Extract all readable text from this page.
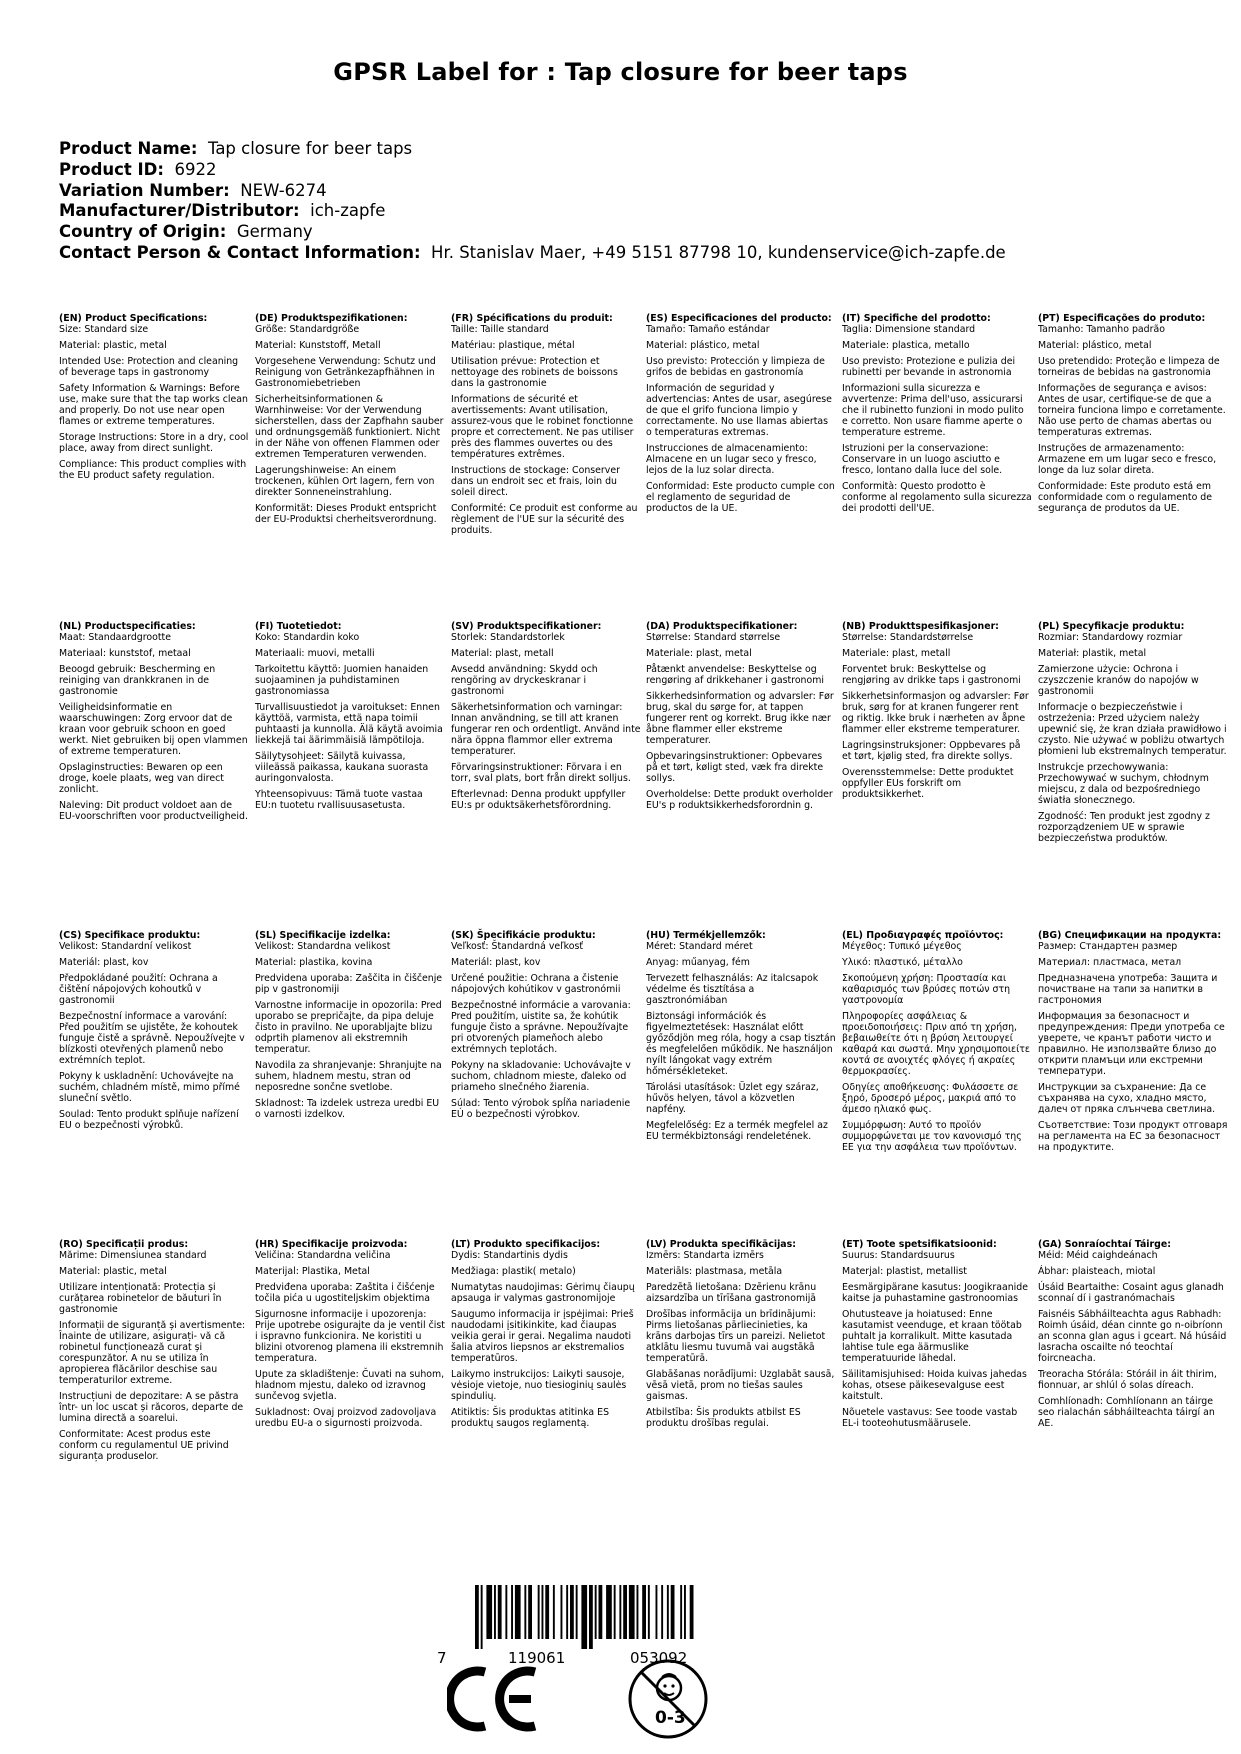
GPSR Label for : Tap closure for beer taps
Product Name: Tap closure for beer taps
Product ID: 6922
Variation Number: NEW-6274
Manufacturer/Distributor: ich-zapfe
Country of Origin: Germany
Contact Person & Contact Information: Hr. Stanislav Maer, +49 5151 87798 10, kundenservice@ich-zapfe.de
(EN) Product Specifications:

Size: Standard size

Material: plastic, metal

Intended Use: Protection and cleaning of beverage taps in gastronomy

Safety Information & Warnings: Before use, make sure that the tap works clean and properly. Do not use near open flames or extreme temperatures.

Storage Instructions: Store in a dry, cool place, away from direct sunlight.

Compliance: This product complies with the EU product safety regulation.

(DE) Produktspezifikationen:

Größe: Standardgröße

Material: Kunststoff, Metall

Vorgesehene Verwendung: Schutz und Reinigung von Getränkezapfhähnen in Gastronomiebetrieben

Sicherheitsinformationen & Warnhinweise: Vor der Verwendung sicherstellen, dass der Zapfhahn sauber und ordnungsgemäß funktioniert. Nicht in der Nähe von offenen Flammen oder extremen Temperaturen verwenden.

Lagerungshinweise: An einem trockenen, kühlen Ort lagern, fern von direkter Sonneneinstrahlung.

Konformität: Dieses Produkt entspricht der EU-Produktsi cherheitsverordnung.

(FR) Spécifications du produit:

Taille: Taille standard

Matériau: plastique, métal

Utilisation prévue: Protection et nettoyage des robinets de boissons dans la gastronomie

Informations de sécurité et avertissements: Avant utilisation, assurez-vous que le robinet fonctionne propre et correctement. Ne pas utiliser près des flammes ouvertes ou des températures extrêmes.

Instructions de stockage: Conserver dans un endroit sec et frais, loin du soleil direct.

Conformité: Ce produit est conforme au règlement de l'UE sur la sécurité des produits.

(ES) Especificaciones del producto:

Tamaño: Tamaño estándar

Material: plástico, metal

Uso previsto: Protección y limpieza de grifos de bebidas en gastronomía

Información de seguridad y advertencias: Antes de usar, asegúrese de que el grifo funciona limpio y correctamente. No use llamas abiertas o temperaturas extremas.

Instrucciones de almacenamiento: Almacene en un lugar seco y fresco, lejos de la luz solar directa.

Conformidad: Este producto cumple con el reglamento de seguridad de productos de la UE.

(IT) Specifiche del prodotto:

Taglia: Dimensione standard

Materiale: plastica, metallo

Uso previsto: Protezione e pulizia dei rubinetti per bevande in astronomia

Informazioni sulla sicurezza e avvertenze: Prima dell'uso, assicurarsi che il rubinetto funzioni in modo pulito e corretto. Non usare fiamme aperte o temperature estreme.

Istruzioni per la conservazione: Conservare in un luogo asciutto e fresco, lontano dalla luce del sole.

Conformità: Questo prodotto è conforme al regolamento sulla sicurezza dei prodotti dell'UE.

(PT) Especificações do produto:

Tamanho: Tamanho padrão

Material: plástico, metal

Uso pretendido: Proteção e limpeza de torneiras de bebidas na gastronomia

Informações de segurança e avisos: Antes de usar, certifique-se de que a torneira funciona limpo e corretamente. Não use perto de chamas abertas ou temperaturas extremas.

Instruções de armazenamento: Armazene em um lugar seco e fresco, longe da luz solar direta.

Conformidade: Este produto está em conformidade com o regulamento de segurança de produtos da UE.

(NL) Productspecificaties:

Maat: Standaardgrootte

Materiaal: kunststof, metaal

Beoogd gebruik: Bescherming en reiniging van drankkranen in de gastronomie

Veiligheidsinformatie en waarschuwingen: Zorg ervoor dat de kraan voor gebruik schoon en goed werkt. Niet gebruiken bij open vlammen of extreme temperaturen.

Opslaginstructies: Bewaren op een droge, koele plaats, weg van direct zonlicht.

Naleving: Dit product voldoet aan de EU-voorschriften voor productveiligheid.

(FI) Tuotetiedot:

Koko: Standardin koko

Materiaali: muovi, metalli

Tarkoitettu käyttö: Juomien hanaiden suojaaminen ja puhdistaminen gastronomiassa

Turvallisuustiedot ja varoitukset: Ennen käyttöä, varmista, että napa toimii puhtaasti ja kunnolla. Älä käytä avoimia liekkejä tai äärimmäisiä lämpötiloja.

Säilytysohjeet: Säilytä kuivassa, viileässä paikassa, kaukana suorasta auringonvalosta.

Yhteensopivuus: Tämä tuote vastaa EU:n tuotetu rvallisuusasetusta.

(SV) Produktspecifikationer:

Storlek: Standardstorlek

Material: plast, metall

Avsedd användning: Skydd och rengöring av dryckeskranar i gastronomi

Säkerhetsinformation och varningar: Innan användning, se till att kranen fungerar ren och ordentligt. Använd inte nära öppna flammor eller extrema temperaturer.

Förvaringsinstruktioner: Förvara i en torr, sval plats, bort från direkt solljus.

Efterlevnad: Denna produkt uppfyller EU:s pr oduktsäkerhetsförordning.

(DA) Produktspecifikationer:

Størrelse: Standard størrelse

Materiale: plast, metal

Påtænkt anvendelse: Beskyttelse og rengøring af drikkehaner i gastronomi

Sikkerhedsinformation og advarsler: Før brug, skal du sørge for, at tappen fungerer rent og korrekt. Brug ikke nær åbne flammer eller ekstreme temperaturer.

Opbevaringsinstruktioner: Opbevares på et tørt, køligt sted, væk fra direkte sollys.

Overholdelse: Dette produkt overholder EU's p roduktsikkerhedsforordnin g.

(NB) Produkttspesifikasjoner:

Størrelse: Standardstørrelse

Materiale: plast, metall

Forventet bruk: Beskyttelse og rengjøring av drikke taps i gastronomi

Sikkerhetsinformasjon og advarsler: Før bruk, sørg for at kranen fungerer rent og riktig. Ikke bruk i nærheten av åpne flammer eller ekstreme temperaturer.

Lagringsinstruksjoner: Oppbevares på et tørt, kjølig sted, fra direkte sollys.

Overensstemmelse: Dette produktet oppfyller EUs forskrift om produktsikkerhet.

(PL) Specyfikacje produktu:

Rozmiar: Standardowy rozmiar

Materiał: plastik, metal

Zamierzone użycie: Ochrona i czyszczenie kranów do napojów w gastronomii

Informacje o bezpieczeństwie i ostrzeżenia: Przed użyciem należy upewnić się, że kran działa prawidłowo i czysto. Nie używać w pobliżu otwartych płomieni lub ekstremalnych temperatur.

Instrukcje przechowywania: Przechowywać w suchym, chłodnym miejscu, z dala od bezpośredniego światła słonecznego.

Zgodność: Ten produkt jest zgodny z rozporządzeniem UE w sprawie bezpieczeństwa produktów.

(CS) Specifikace produktu:

Velikost: Standardní velikost

Materiál: plast, kov

Předpokládané použití: Ochrana a čištění nápojových kohoutků v gastronomii

Bezpečnostní informace a varování: Před použitím se ujistěte, že kohoutek funguje čistě a správně. Nepoužívejte v blízkosti otevřených plamenů nebo extrémních teplot.

Pokyny k uskladnění: Uchovávejte na suchém, chladném místě, mimo přímé sluneční světlo.

Soulad: Tento produkt splňuje nařízení EU o bezpečnosti výrobků.

(SL) Specifikacije izdelka:

Velikost: Standardna velikost

Material: plastika, kovina

Predvidena uporaba: Zaščita in čiščenje pip v gastronomiji

Varnostne informacije in opozorila: Pred uporabo se prepričajte, da pipa deluje čisto in pravilno. Ne uporabljajte blizu odprtih plamenov ali ekstremnih temperatur.

Navodila za shranjevanje: Shranjujte na suhem, hladnem mestu, stran od neposredne sončne svetlobe.

Skladnost: Ta izdelek ustreza uredbi EU o varnosti izdelkov.

(SK) Špecifikácie produktu:

Veľkosť: Štandardná veľkosť

Materiál: plast, kov

Určené použitie: Ochrana a čistenie nápojových kohútikov v gastronómii

Bezpečnostné informácie a varovania: Pred použitím, uistite sa, že kohútik funguje čisto a správne. Nepoužívajte pri otvorených plameňoch alebo extrémnych teplotách.

Pokyny na skladovanie: Uchovávajte v suchom, chladnom mieste, ďaleko od priameho slnečného žiarenia.

Súlad: Tento výrobok spĺňa nariadenie EÚ o bezpečnosti výrobkov.

(HU) Termékjellemzők:

Méret: Standard méret

Anyag: műanyag, fém

Tervezett felhasználás: Az italcsapok védelme és tisztítása a gasztronómiában

Biztonsági információk és figyelmeztetések: Használat előtt győződjön meg róla, hogy a csap tisztán és megfelelően működik. Ne használjon nyílt lángokat vagy extrém hőmérsékleteket.

Tárolási utasítások: Üzlet egy száraz, hűvös helyen, távol a közvetlen napfény.

Megfelelőség: Ez a termék megfelel az EU termékbiztonsági rendeletének.

(EL) Προδιαγραφές προϊόντος:

Μέγεθος: Τυπικό μέγεθος

Υλικό: πλαστικό, μέταλλο

Σκοπούμενη χρήση: Προστασία και καθαρισμός των βρύσες ποτών στη γαστρονομία

Πληροφορίες ασφάλειας & προειδοποιήσεις: Πριν από τη χρήση, βεβαιωθείτε ότι η βρύση λειτουργεί καθαρά και σωστά. Μην χρησιμοποιείτε κοντά σε ανοιχτές φλόγες ή ακραίες θερμοκρασίες.

Οδηγίες αποθήκευσης: Φυλάσσετε σε ξηρό, δροσερό μέρος, μακριά από το άμεσο ηλιακό φως.

Συμμόρφωση: Αυτό το προϊόν συμμορφώνεται με τον κανονισμό της ΕΕ για την ασφάλεια των προϊόντων.

(BG) Спецификации на продукта:

Размер: Стандартен размер

Материал: пластмаса, метал

Предназначена употреба: Защита и почистване на тапи за напитки в гастрономия

Информация за безопасност и предупреждения: Преди употреба се уверете, че кранът работи чисто и правилно. Не използвайте близо до открити пламъци или екстремни температури.

Инструкции за съхранение: Да се съхранява на сухо, хладно място, далеч от пряка слънчева светлина.

Съответствие: Този продукт отговаря на регламента на ЕС за безопасност на продуктите.

(RO) Specificații produs:

Mărime: Dimensiunea standard

Material: plastic, metal

Utilizare intenționată: Protecția și curățarea robinetelor de băuturi în gastronomie

Informații de siguranță și avertismente: Înainte de utilizare, asigurați- vă că robinetul funcționează curat și corespunzător. A nu se utiliza în apropierea flăcărilor deschise sau temperaturilor extreme.

Instrucțiuni de depozitare: A se păstra într- un loc uscat și răcoros, departe de lumina directă a soarelui.

Conformitate: Acest produs este conform cu regulamentul UE privind siguranța produselor.

(HR) Specifikacije proizvoda:

Veličina: Standardna veličina

Materijal: Plastika, Metal

Predviđena uporaba: Zaštita i čišćenje točila pića u ugostiteljskim objektima

Sigurnosne informacije i upozorenja: Prije upotrebe osigurajte da je ventil čist i ispravno funkcionira. Ne koristiti u blizini otvorenog plamena ili ekstremnih temperatura.

Upute za skladištenje: Čuvati na suhom, hladnom mjestu, daleko od izravnog sunčevog svjetla.

Sukladnost: Ovaj proizvod zadovoljava uredbu EU-a o sigurnosti proizvoda.

(LT) Produkto specifikacijos:

Dydis: Standartinis dydis

Medžiaga: plastik( metalo)

Numatytas naudojimas: Gėrimų čiaupų apsauga ir valymas gastronomijoje

Saugumo informacija ir įspėjimai: Prieš naudodami įsitikinkite, kad čiaupas veikia gerai ir gerai. Negalima naudoti šalia atviros liepsnos ar ekstremalios temperatūros.

Laikymo instrukcijos: Laikyti sausoje, vėsioje vietoje, nuo tiesioginių saulės spindulių.

Atitiktis: Šis produktas atitinka ES produktų saugos reglamentą.

(LV) Produkta specifikācijas:

Izmērs: Standarta izmērs

Materiāls: plastmasa, metāla

Paredzētā lietošana: Dzērienu krānu aizsardzība un tīrīšana gastronomijā

Drošības informācija un brīdinājumi: Pirms lietošanas pārliecinieties, ka krāns darbojas tīrs un pareizi. Nelietot atklātu liesmu tuvumā vai augstākā temperatūrā.

Glabāšanas norādījumi: Uzglabāt sausā, vēsā vietā, prom no tiešas saules gaismas.

Atbilstība: Šis produkts atbilst ES produktu drošības regulai.

(ET) Toote spetsifikatsioonid:

Suurus: Standardsuurus

Materjal: plastist, metallist

Eesmärgipärane kasutus: Joogikraanide kaitse ja puhastamine gastronoomias

Ohutusteave ja hoiatused: Enne kasutamist veenduge, et kraan töötab puhtalt ja korralikult. Mitte kasutada lahtise tule ega äärmuslike temperatuuride lähedal.

Säilitamisjuhised: Hoida kuivas jahedas kohas, otsese päikesevalguse eest kaitstult.

Nõuetele vastavus: See toode vastab EL-i tooteohutusmäärusele.

(GA) Sonraíochtaí Táirge:

Méid: Méid caighdeánach

Ábhar: plaisteach, miotal

Úsáid Beartaithe: Cosaint agus glanadh sconnaí dí i gastranómachais

Faisnéis Sábháilteachta agus Rabhadh: Roimh úsáid, déan cinnte go n-oibríonn an sconna glan agus i gceart. Ná húsáid lasracha oscailte nó teochtaí foircneacha.

Treoracha Stórála: Stóráil in áit thirim, fionnuar, ar shlúl ó solas díreach.

Comhlíonadh: Comhlíonann an táirge seo rialachán sábháilteachta táirgí an AE.

7	119061	053092
0-3
